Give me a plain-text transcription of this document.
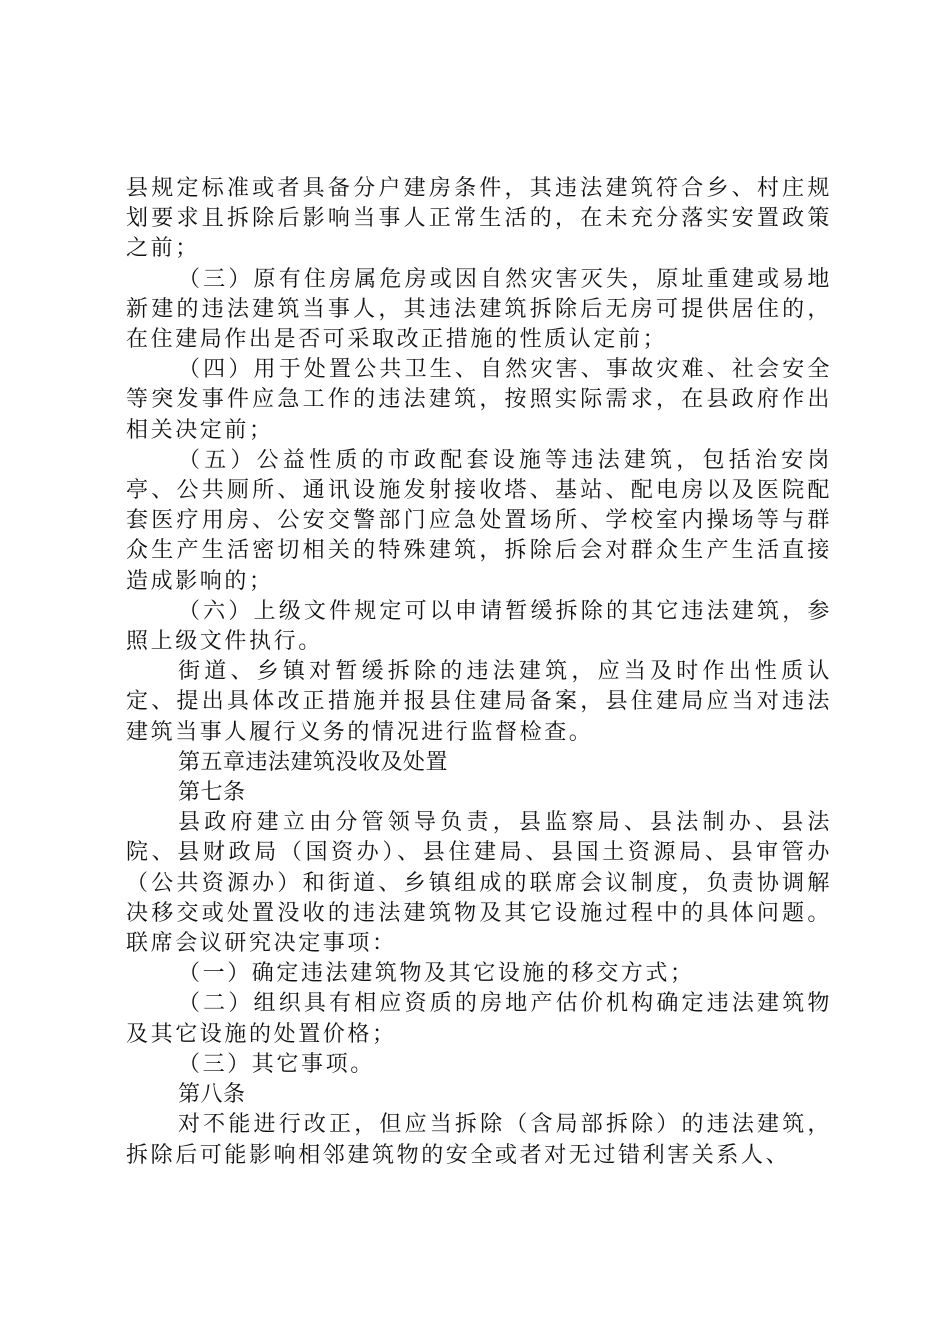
县规定标准或者具备分户建房条件，其违法建筑符合乡、村庄规划要求且拆除后影响当事人正常生活的，在未充分落实安置政策之前；

（三）原有住房属危房或因自然灾害灭失，原址重建或易地新建的违法建筑当事人，其违法建筑拆除后无房可提供居住的，在住建局作出是否可采取改正措施的性质认定前；

（四）用于处置公共卫生、自然灾害、事故灾难、社会安全等突发事件应急工作的违法建筑，按照实际需求，在县政府作出相关决定前；

（五）公益性质的市政配套设施等违法建筑，包括治安岗亭、公共厕所、通讯设施发射接收塔、基站、配电房以及医院配套医疗用房、公安交警部门应急处置场所、学校室内操场等与群众生产生活密切相关的特殊建筑，拆除后会对群众生产生活直接造成影响的；

（六）上级文件规定可以申请暂缓拆除的其它违法建筑，参照上级文件执行。

街道、乡镇对暂缓拆除的违法建筑，应当及时作出性质认定、提出具体改正措施并报县住建局备案，县住建局应当对违法建筑当事人履行义务的情况进行监督检查。

第五章违法建筑没收及处置

第七条

县政府建立由分管领导负责，县监察局、县法制办、县法院、县财政局（国资办）、县住建局、县国土资源局、县审管办（公共资源办）和街道、乡镇组成的联席会议制度，负责协调解决移交或处置没收的违法建筑物及其它设施过程中的具体问题。联席会议研究决定事项：

（一）确定违法建筑物及其它设施的移交方式；

（二）组织具有相应资质的房地产估价机构确定违法建筑物及其它设施的处置价格；

（三）其它事项。

第八条

对不能进行改正，但应当拆除（含局部拆除）的违法建筑，拆除后可能影响相邻建筑物的安全或者对无过错利害关系人、
